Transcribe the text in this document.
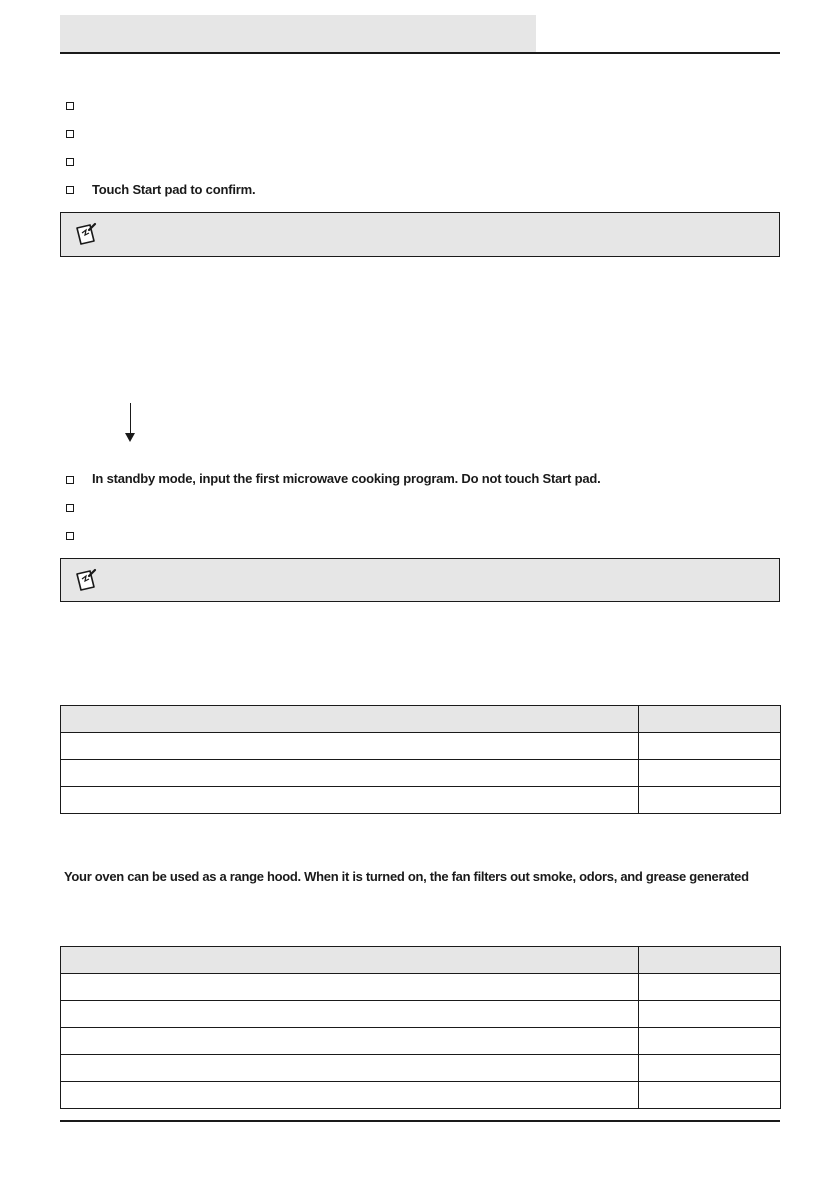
Touch Start pad to confirm.
In standby mode, input the first microwave cooking program. Do not touch Start pad.

Your oven can be used as a range hood. When it is turned on, the fan filters out smoke, odors, and grease generated
